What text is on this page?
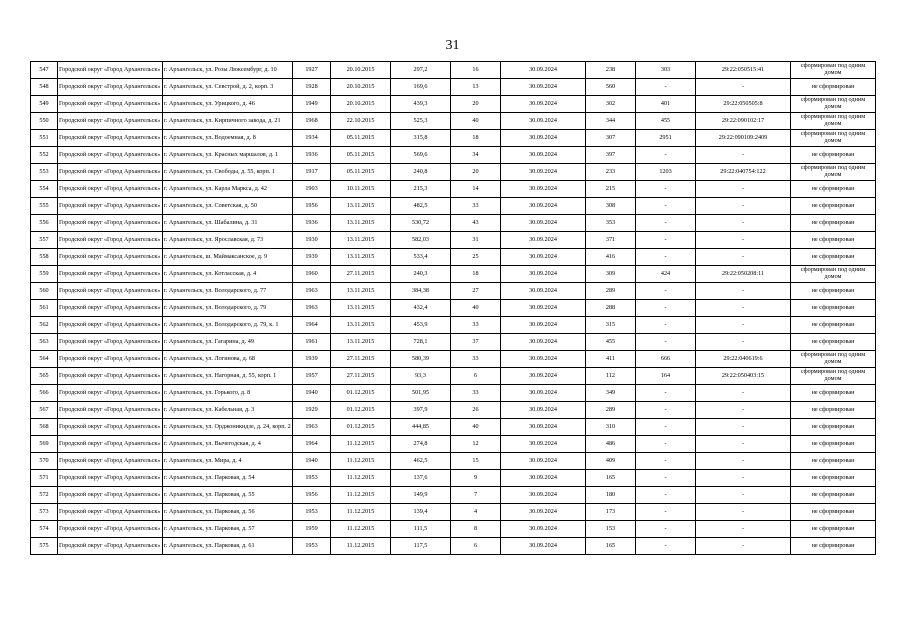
31
547	Городской округ «Город Архангельск»	г. Архангельск, ул. Розы Люксембург, д. 10	1927	20.10.2015	297,2	16	30.09.2024	238	303	29:22:050515:41	сформирован под одним домом
548	Городской округ «Город Архангельск»	г. Архангельск, ул. Севстрой, д. 2, корп. 3	1928	20.10.2015	169,6	13	30.09.2024	560	-	-	не сформирован
549	Городской округ «Город Архангельск»	г. Архангельск, ул. Урицкого, д. 46	1949	20.10.2015	439,3	20	30.09.2024	302	401	29:22:050505:8	сформирован под одним домом
550	Городской округ «Город Архангельск»	г. Архангельск, ул. Кирпичного завода, д. 21	1968	22.10.2015	525,3	40	30.09.2024	344	455	29:22:090102:17	сформирован под одним домом
551	Городской округ «Город Архангельск»	г. Архангельск, ул. Водоемная, д. 8	1934	05.11.2015	315,8	18	30.09.2024	307	2951	29:22:090109:2409	сформирован под одним домом
552	Городской округ «Город Архангельск»	г. Архангельск, ул. Красных маршалов, д. 1	1936	05.11.2015	569,6	34	30.09.2024	397	-	-	не сформирован
553	Городской округ «Город Архангельск»	г. Архангельск, ул. Свободы, д. 55, корп. 1	1917	05.11.2015	240,8	20	30.09.2024	233	1203	29:22:040754:122	сформирован под одним домом
554	Городской округ «Город Архангельск»	г. Архангельск, ул. Карла Маркса, д. 42	1903	10.11.2015	215,3	14	30.09.2024	215	-	-	не сформирован
555	Городской округ «Город Архангельск»	г. Архангельск, ул. Советская, д. 50	1956	13.11.2015	482,5	33	30.09.2024	308	-	-	не сформирован
556	Городской округ «Город Архангельск»	г. Архангельск, ул. Шабалина, д. 31	1936	13.11.2015	530,72	43	30.09.2024	353	-	-	не сформирован
557	Городской округ «Город Архангельск»	г. Архангельск, ул. Ярославская, д. 73	1930	13.11.2015	582,03	31	30.09.2024	371	-	-	не сформирован
558	Городской округ «Город Архангельск»	г. Архангельск, ш. Маймаксанское, д. 9	1939	13.11.2015	533,4	25	30.09.2024	416	-	-	не сформирован
559	Городской округ «Город Архангельск»	г. Архангельск, ул. Котласская, д. 4	1960	27.11.2015	240,3	18	30.09.2024	309	424	29:22:050208:11	сформирован под одним домом
560	Городской округ «Город Архангельск»	г. Архангельск, ул. Володарского, д. 77	1963	13.11.2015	384,38	27	30.09.2024	289	-	-	не сформирован
561	Городской округ «Город Архангельск»	г. Архангельск, ул. Володарского, д. 79	1963	13.11.2015	432,4	40	30.09.2024	288	-	-	не сформирован
562	Городской округ «Город Архангельск»	г. Архангельск, ул. Володарского, д. 79, к. 1	1964	13.11.2015	453,9	33	30.09.2024	315	-	-	не сформирован
563	Городской округ «Город Архангельск»	г. Архангельск, ул. Гагарина, д. 49	1961	13.11.2015	728,1	37	30.09.2024	455	-	-	не сформирован
564	Городской округ «Город Архангельск»	г. Архангельск, ул. Логинова, д. 68	1939	27.11.2015	580,39	33	30.09.2024	411	666	29:22:040619:6	сформирован под одним домом
565	Городской округ «Город Архангельск»	г. Архангельск, ул. Нагорная, д. 55, корп. 1	1957	27.11.2015	93,3	6	30.09.2024	112	164	29:22:050403:15	сформирован под одним домом
566	Городской округ «Город Архангельск»	г. Архангельск, ул. Горького, д. 8	1940	01.12.2015	501,95	33	30.09.2024	349	-	-	не сформирован
567	Городской округ «Город Архангельск»	г. Архангельск, ул. Кабельная, д. 3	1929	01.12.2015	397,9	26	30.09.2024	289	-	-	не сформирован
568	Городской округ «Город Архангельск»	г. Архангельск, ул. Орджоникидзе, д. 24, корп. 2	1963	01.12.2015	444,85	40	30.09.2024	310	-	-	не сформирован
569	Городской округ «Город Архангельск»	г. Архангельск, ул. Вычегодская, д. 4	1964	11.12.2015	274,8	12	30.09.2024	486	-	-	не сформирован
570	Городской округ «Город Архангельск»	г. Архангельск, ул. Мира, д. 4	1940	11.12.2015	462,5	15	30.09.2024	409	-	-	не сформирован
571	Городской округ «Город Архангельск»	г. Архангельск, ул. Парковая, д. 54	1953	11.12.2015	137,6	9	30.09.2024	165	-	-	не сформирован
572	Городской округ «Город Архангельск»	г. Архангельск, ул. Парковая, д. 55	1956	11.12.2015	149,9	7	30.09.2024	180	-	-	не сформирован
573	Городской округ «Город Архангельск»	г. Архангельск, ул. Парковая, д. 56	1953	11.12.2015	139,4	4	30.09.2024	173	-	-	не сформирован
574	Городской округ «Город Архангельск»	г. Архангельск, ул. Парковая, д. 57	1959	11.12.2015	111,5	8	30.09.2024	153	-	-	не сформирован
575	Городской округ «Город Архангельск»	г. Архангельск, ул. Парковая, д. 61	1953	11.12.2015	117,5	6	30.09.2024	165	-	-	не сформирован
